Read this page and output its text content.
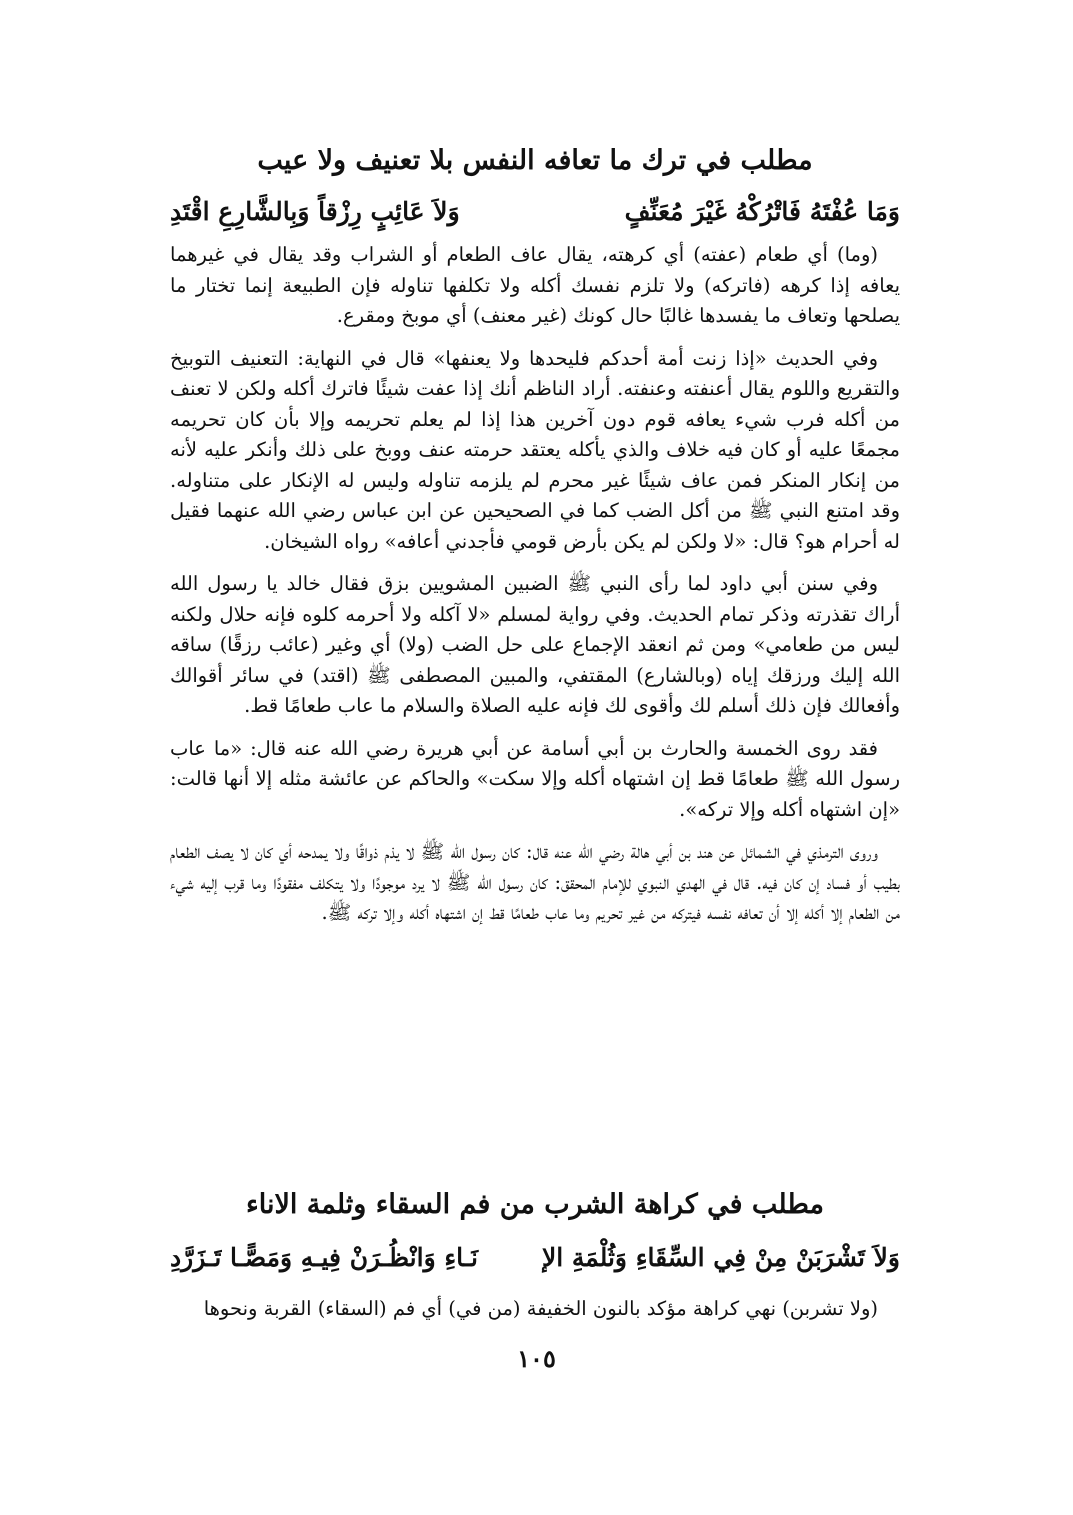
مطلب في ترك ما تعافه النفس بلا تعنيف ولا عيب
وَمَا عُفْتَهُ فَاتْرُكْهُ غَيْرَ مُعَنِّفٍ
وَلاَ عَائِبٍ رِزْقاً وَبِالشَّارِعِ اقْتَدِ

(وما) أي طعام (عفته) أي كرهته، يقال عاف الطعام أو الشراب وقد يقال في غيرهما يعافه إذا كرهه (فاتركه) ولا تلزم نفسك أكله ولا تكلفها تناوله فإن الطبيعة إنما تختار ما يصلحها وتعاف ما يفسدها غالبًا حال كونك (غير معنف) أي موبخ ومقرع.

وفي الحديث «إذا زنت أمة أحدكم فليحدها ولا يعنفها» قال في النهاية: التعنيف التوبيخ والتقريع واللوم يقال أعنفته وعنفته. أراد الناظم أنك إذا عفت شيئًا فاترك أكله ولكن لا تعنف من أكله فرب شيء يعافه قوم دون آخرين هذا إذا لم يعلم تحريمه وإلا بأن كان تحريمه مجمعًا عليه أو كان فيه خلاف والذي يأكله يعتقد حرمته عنف ووبخ على ذلك وأنكر عليه لأنه من إنكار المنكر فمن عاف شيئًا غير محرم لم يلزمه تناوله وليس له الإنكار على متناوله. وقد امتنع النبي ﷺ من أكل الضب كما في الصحيحين عن ابن عباس رضي الله عنهما فقيل له أحرام هو؟ قال: «لا ولكن لم يكن بأرض قومي فأجدني أعافه» رواه الشيخان.

وفي سنن أبي داود لما رأى النبي ﷺ الضبين المشويين بزق فقال خالد يا رسول الله أراك تقذرته وذكر تمام الحديث. وفي رواية لمسلم «لا آكله ولا أحرمه كلوه فإنه حلال ولكنه ليس من طعامي» ومن ثم انعقد الإجماع على حل الضب (ولا) أي وغير (عائب رزقًا) ساقه الله إليك ورزقك إياه (وبالشارع) المقتفي، والمبين المصطفى ﷺ (اقتد) في سائر أقوالك وأفعالك فإن ذلك أسلم لك وأقوى لك فإنه عليه الصلاة والسلام ما عاب طعامًا قط.

فقد روى الخمسة والحارث بن أبي أسامة عن أبي هريرة رضي الله عنه قال: «ما عاب رسول الله ﷺ طعامًا قط إن اشتهاه أكله وإلا سكت» والحاكم عن عائشة مثله إلا أنها قالت: «إن اشتهاه أكله وإلا تركه».

وروى الترمذي في الشمائل عن هند بن أبي هالة رضي الله عنه قال: كان رسول الله ﷺ لا يذم ذواقًا ولا يمدحه أي كان لا يصف الطعام بطيب أو فساد إن كان فيه. قال في الهدي النبوي للإمام المحقق: كان رسول الله ﷺ لا يرد موجودًا ولا يتكلف مفقودًا وما قرب إليه شيء من الطعام إلا أكله إلا أن تعافه نفسه فيتركه من غير تحريم وما عاب طعامًا قط إن اشتهاه أكله وإلا تركه ﷺ.

مطلب في كراهة الشرب من فم السقاء وثلمة الاناء
وَلاَ تَشْرَبَنْ مِنْ فِي السِّقَاءِ وَثُلْمَةِ الإ
نَـاءِ وَانْظُـرَنْ فِيـهِ وَمَصًّـا تَـزَرَّدِ

(ولا تشربن) نهي كراهة مؤكد بالنون الخفيفة (من في) أي فم (السقاء) القربة ونحوها

١٠٥
